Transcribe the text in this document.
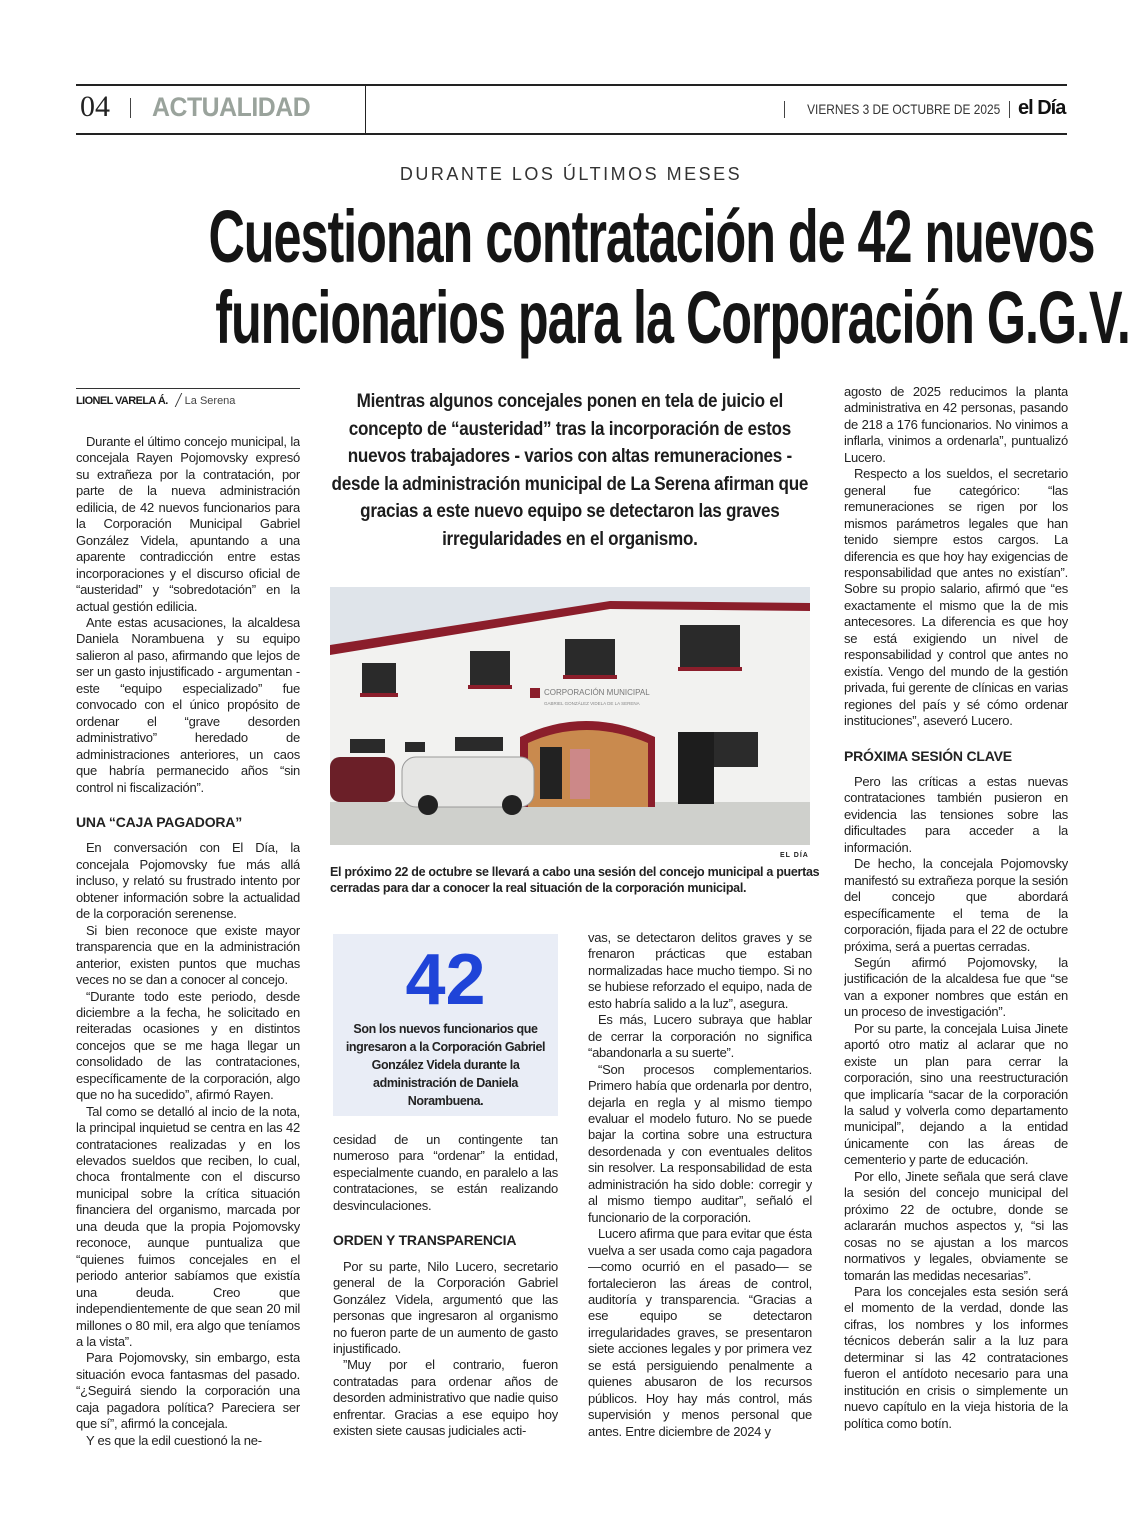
04 ACTUALIDAD	VIERNES 3 DE OCTUBRE DE 2025 el Día
DURANTE LOS ÚLTIMOS MESES
Cuestionan contratación de 42 nuevos
funcionarios para la Corporación G.G.V.
LIONEL VARELA Á. La Serena

Durante el último concejo municipal, la concejala Rayen Pojomovsky expresó su extrañeza por la contratación, por parte de la nueva administración edilicia, de 42 nuevos funcionarios para la Corporación Municipal Gabriel González Videla, apuntando a una aparente contradicción entre estas incorporaciones y el discurso oficial de “austeridad” y “sobredotación” en la actual gestión edilicia.

Ante estas acusaciones, la alcaldesa Daniela Norambuena y su equipo salieron al paso, afirmando que lejos de ser un gasto injustificado - argumentan - este “equipo especializado” fue convocado con el único propósito de ordenar el “grave desorden administrativo” heredado de administraciones anteriores, un caos que habría permanecido años “sin control ni fiscalización”.

UNA “CAJA PAGADORA”

En conversación con El Día, la concejala Pojomovsky fue más allá incluso, y relató su frustrado intento por obtener información sobre la actualidad de la corporación serenense.

Si bien reconoce que existe mayor transparencia que en la administración anterior, existen puntos que muchas veces no se dan a conocer al concejo.

“Durante todo este periodo, desde diciembre a la fecha, he solicitado en reiteradas ocasiones y en distintos concejos que se me haga llegar un consolidado de las contrataciones, específicamente de la corporación, algo que no ha sucedido”, afirmó Rayen.

Tal como se detalló al incio de la nota, la principal inquietud se centra en las 42 contrataciones realizadas y en los elevados sueldos que reciben, lo cual, choca frontalmente con el discurso municipal sobre la crítica situación financiera del organismo, marcada por una deuda que la propia Pojomovsky reconoce, aunque puntualiza que “quienes fuimos concejales en el periodo anterior sabíamos que existía una deuda. Creo que independientemente de que sean 20 mil millones o 80 mil, era algo que teníamos a la vista”.

Para Pojomovsky, sin embargo, esta situación evoca fantasmas del pasado. “¿Seguirá siendo la corporación una caja pagadora política? Pareciera ser que sí”, afirmó la concejala.

Y es que la edil cuestionó la ne-

Mientras algunos concejales ponen en tela de juicio el concepto de “austeridad” tras la incorporación de estos nuevos trabajadores - varios con altas remuneraciones - desde la administración municipal de La Serena afirman que gracias a este nuevo equipo se detectaron las graves irregularidades en el organismo.
CORPORACIÓN MUNICIPAL
GABRIEL GONZÁLEZ VIDELA DE LA SERENA
EL DÍA
El próximo 22 de octubre se llevará a cabo una sesión del concejo municipal a puertas cerradas para dar a conocer la real situación de la corporación municipal.
42
Son los nuevos funcionarios que ingresaron a la Corporación Gabriel González Videla durante la administración de Daniela Norambuena.

cesidad de un contingente tan numeroso para “ordenar” la entidad, especialmente cuando, en paralelo a las contrataciones, se están realizando desvinculaciones.

ORDEN Y TRANSPARENCIA

Por su parte, Nilo Lucero, secretario general de la Corporación Gabriel González Videla, argumentó que las personas que ingresaron al organismo no fueron parte de un aumento de gasto injustificado.

”Muy por el contrario, fueron contratadas para ordenar años de desorden administrativo que nadie quiso enfrentar. Gracias a ese equipo hoy existen siete causas judiciales acti-

vas, se detectaron delitos graves y se frenaron prácticas que estaban normalizadas hace mucho tiempo. Si no se hubiese reforzado el equipo, nada de esto habría salido a la luz”, asegura.

Es más, Lucero subraya que hablar de cerrar la corporación no significa “abandonarla a su suerte”.

“Son procesos complementarios. Primero había que ordenarla por dentro, dejarla en regla y al mismo tiempo evaluar el modelo futuro. No se puede bajar la cortina sobre una estructura desordenada y con eventuales delitos sin resolver. La responsabilidad de esta administración ha sido doble: corregir y al mismo tiempo auditar”, señaló el funcionario de la corporación.

Lucero afirma que para evitar que ésta vuelva a ser usada como caja pagadora —como ocurrió en el pasado— se fortalecieron las áreas de control, auditoría y transparencia. “Gracias a ese equipo se detectaron irregularidades graves, se presentaron siete acciones legales y por primera vez se está persiguiendo penalmente a quienes abusaron de los recursos públicos. Hoy hay más control, más supervisión y menos personal que antes. Entre diciembre de 2024 y

agosto de 2025 reducimos la planta administrativa en 42 personas, pasando de 218 a 176 funcionarios. No vinimos a inflarla, vinimos a ordenarla”, puntualizó Lucero.

Respecto a los sueldos, el secretario general fue categórico: “las remuneraciones se rigen por los mismos parámetros legales que han tenido siempre estos cargos. La diferencia es que hoy hay exigencias de responsabilidad que antes no existían”. Sobre su propio salario, afirmó que “es exactamente el mismo que la de mis antecesores. La diferencia es que hoy se está exigiendo un nivel de responsabilidad y control que antes no existía. Vengo del mundo de la gestión privada, fui gerente de clínicas en varias regiones del país y sé cómo ordenar instituciones”, aseveró Lucero.

PRÓXIMA SESIÓN CLAVE

Pero las críticas a estas nuevas contrataciones también pusieron en evidencia las tensiones sobre las dificultades para acceder a la información.

De hecho, la concejala Pojomovsky manifestó su extrañeza porque la sesión del concejo que abordará específicamente el tema de la corporación, fijada para el 22 de octubre próxima, será a puertas cerradas.

Según afirmó Pojomovsky, la justificación de la alcaldesa fue que “se van a exponer nombres que están en un proceso de investigación”.

Por su parte, la concejala Luisa Jinete aportó otro matiz al aclarar que no existe un plan para cerrar la corporación, sino una reestructuración que implicaría “sacar de la corporación la salud y volverla como departamento municipal”, dejando a la entidad únicamente con las áreas de cementerio y parte de educación.

Por ello, Jinete señala que será clave la sesión del concejo municipal del próximo 22 de octubre, donde se aclararán muchos aspectos y, “si las cosas no se ajustan a los marcos normativos y legales, obviamente se tomarán las medidas necesarias”.

Para los concejales esta sesión será el momento de la verdad, donde las cifras, los nombres y los informes técnicos deberán salir a la luz para determinar si las 42 contrataciones fueron el antídoto necesario para una institución en crisis o simplemente un nuevo capítulo en la vieja historia de la política como botín.
